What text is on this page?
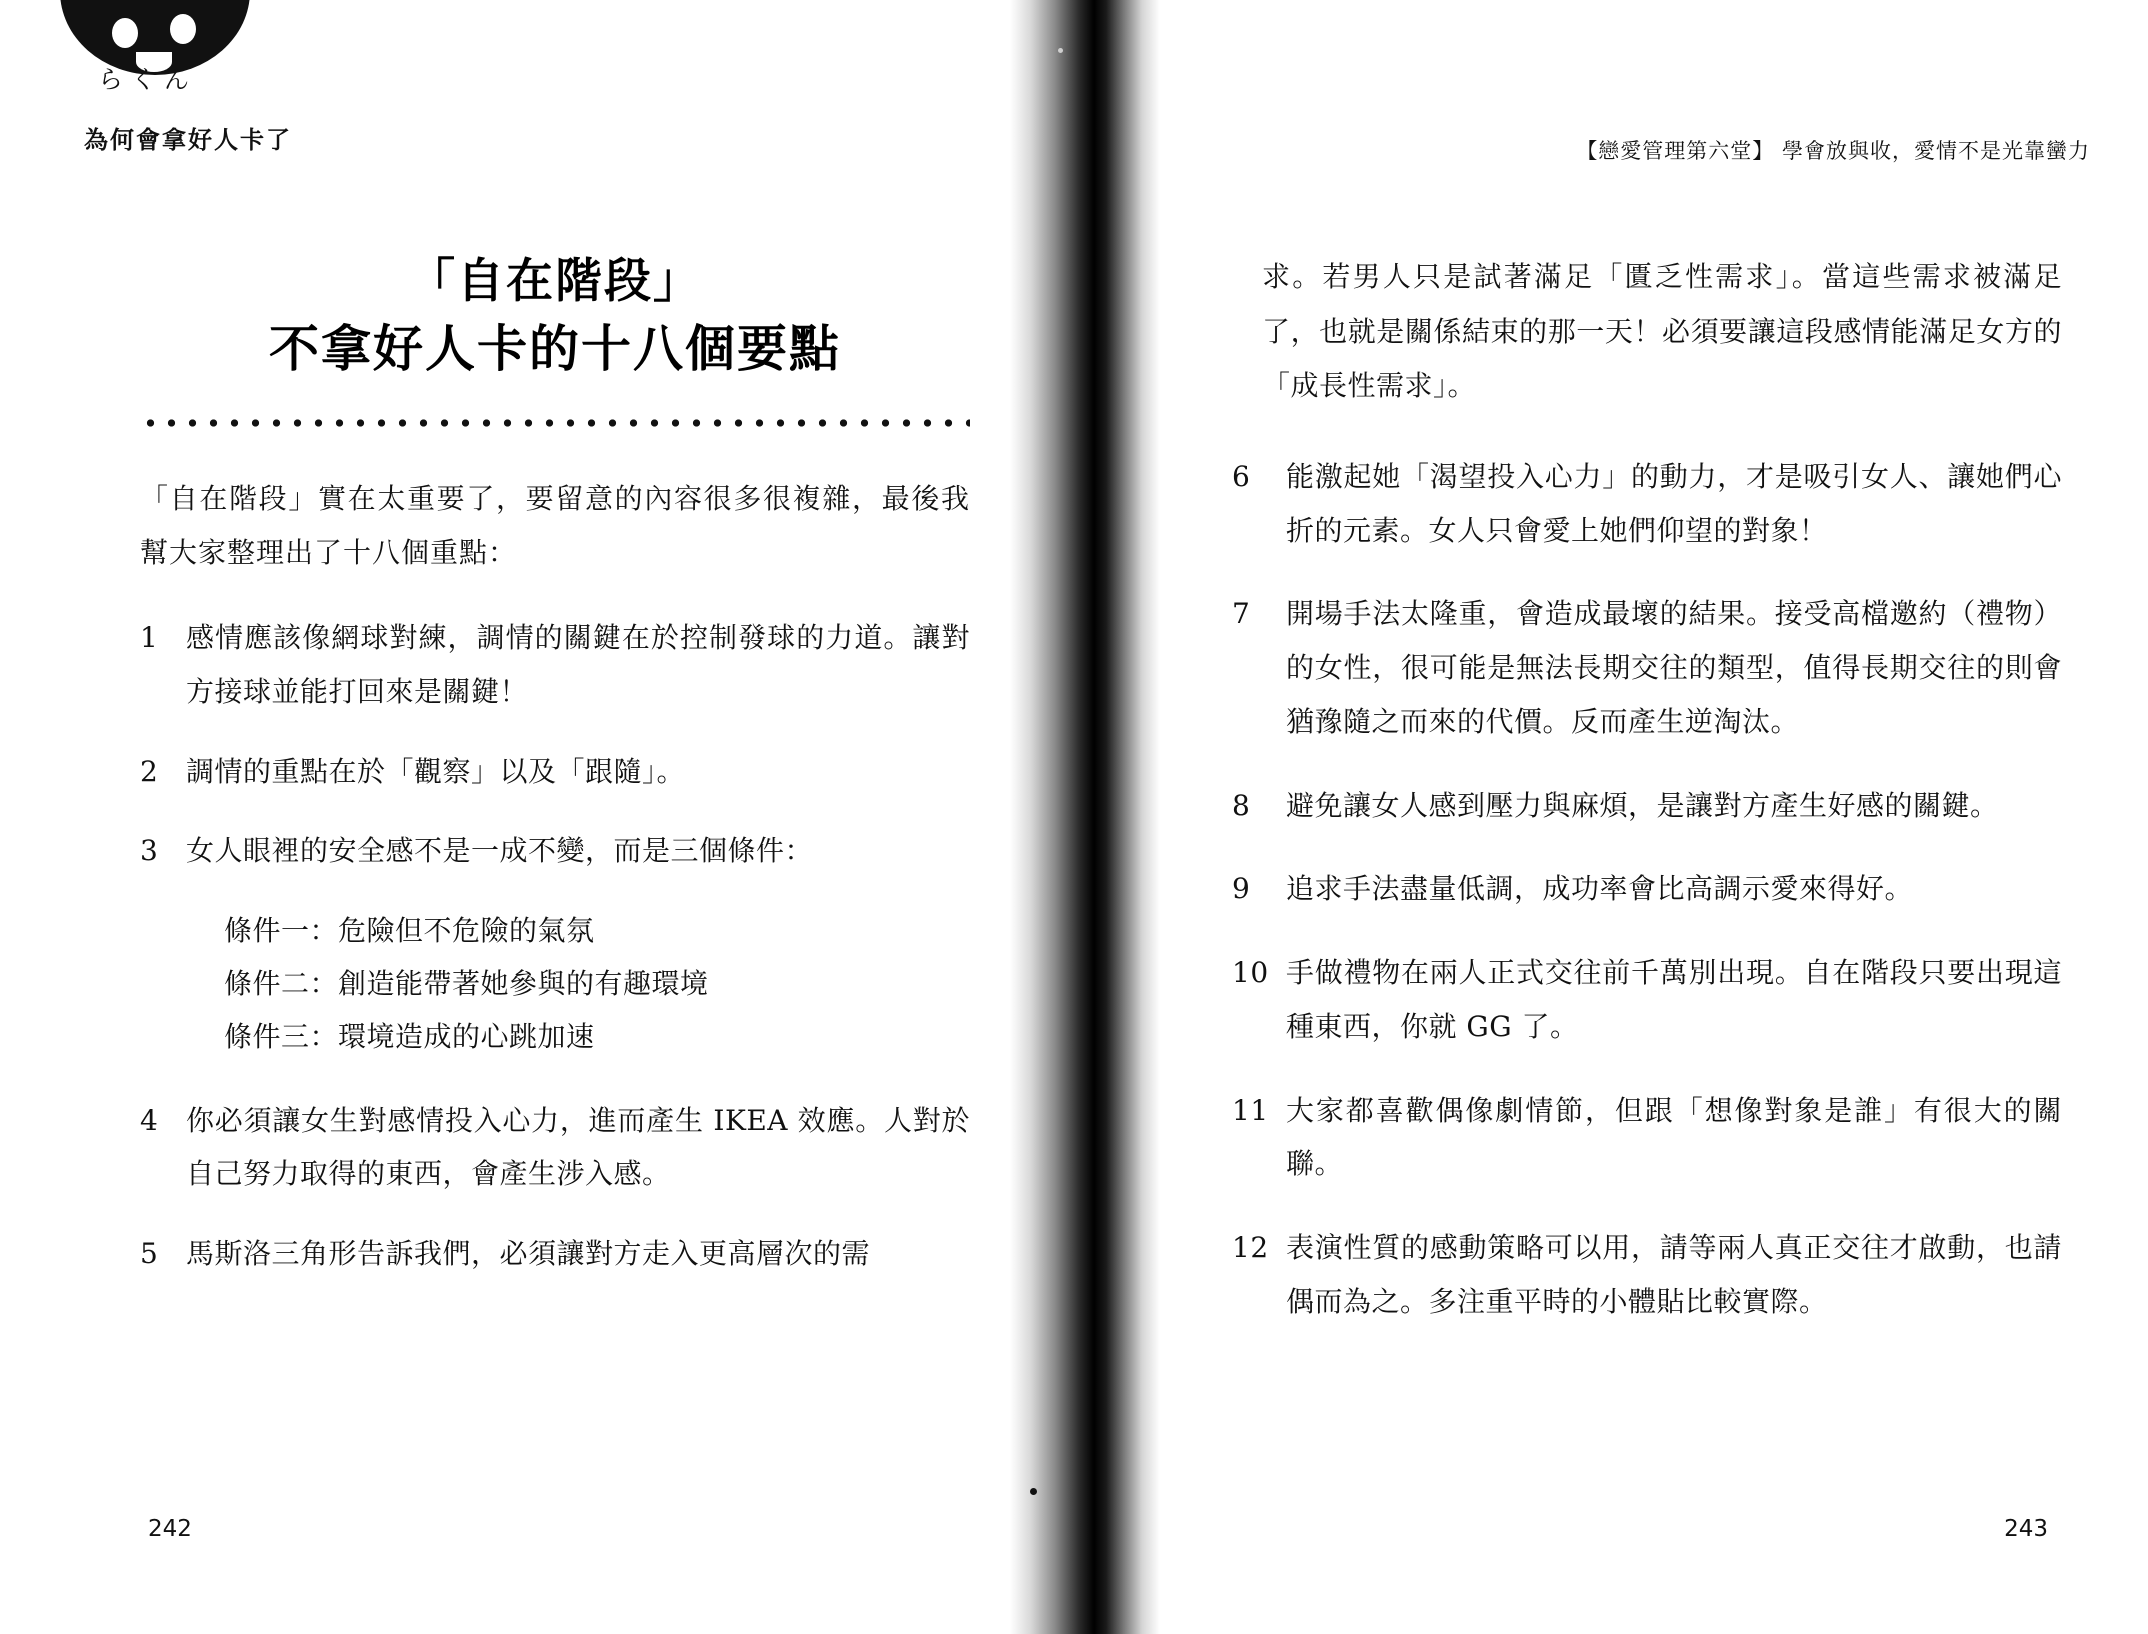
らくん
為何會拿好人卡了
「自在階段」
不拿好人卡的十八個要點
「自在階段」實在太重要了，要留意的內容很多很複雜，最後我幫大家整理出了十八個重點：
1 感情應該像網球對練，調情的關鍵在於控制發球的力道。讓對方接球並能打回來是關鍵！
2 調情的重點在於「觀察」以及「跟隨」。
3 女人眼裡的安全感不是一成不變，而是三個條件：
條件一：危險但不危險的氣氛
條件二：創造能帶著她參與的有趣環境
條件三：環境造成的心跳加速
4 你必須讓女生對感情投入心力，進而產生 IKEA 效應。人對於自己努力取得的東西，會產生涉入感。
5 馬斯洛三角形告訴我們，必須讓對方走入更高層次的需
242
【戀愛管理第六堂】 學會放與收，愛情不是光靠蠻力
求。若男人只是試著滿足「匱乏性需求」。當這些需求被滿足了，也就是關係結束的那一天！必須要讓這段感情能滿足女方的「成長性需求」。
6	能激起她「渴望投入心力」的動力，才是吸引女人、讓她們心折的元素。女人只會愛上她們仰望的對象！
7	開場手法太隆重，會造成最壞的結果。接受高檔邀約（禮物）的女性，很可能是無法長期交往的類型，值得長期交往的則會猶豫隨之而來的代價。反而產生逆淘汰。
8	避免讓女人感到壓力與麻煩，是讓對方產生好感的關鍵。
9	追求手法盡量低調，成功率會比高調示愛來得好。
10 手做禮物在兩人正式交往前千萬別出現。自在階段只要出現這種東西，你就 GG 了。
11 大家都喜歡偶像劇情節，但跟「想像對象是誰」有很大的關聯。
12 表演性質的感動策略可以用，請等兩人真正交往才啟動，也請偶而為之。多注重平時的小體貼比較實際。
243
